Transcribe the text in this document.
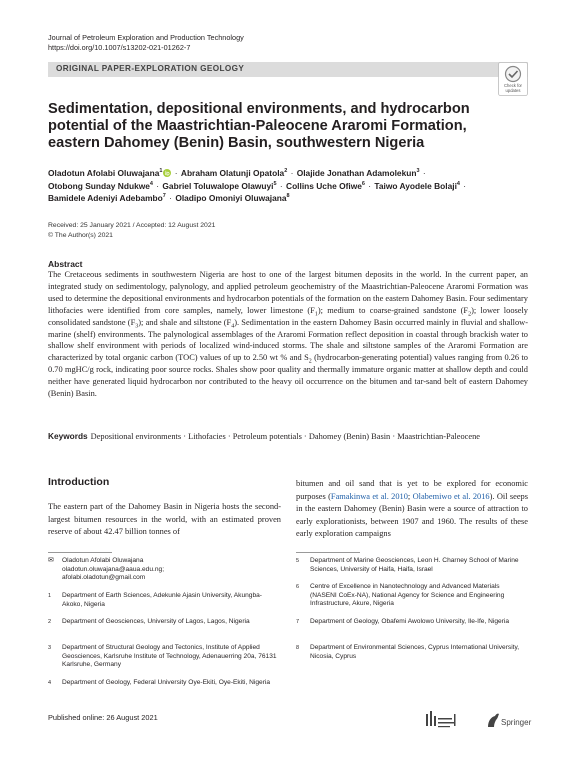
Journal of Petroleum Exploration and Production Technology
https://doi.org/10.1007/s13202-021-01262-7
ORIGINAL PAPER-EXPLORATION GEOLOGY
Check for
updates
Sedimentation, depositional environments, and hydrocarbon potential of the Maastrichtian-Paleocene Araromi Formation, eastern Dahomey (Benin) Basin, southwestern Nigeria
Oladotun Afolabi Oluwajana$^1$ · Abraham Olatunji Opatola$^2$ · Olajide Jonathan Adamolekun$^3$ ·
Otobong Sunday Ndukwe$^4$ · Gabriel Toluwalope Olawuyi$^5$ · Collins Uche Ofiwe$^6$ · Taiwo Ayodele Bolaji$^4$ ·
Bamidele Adeniyi Adebambo$^7$ · Oladipo Omoniyi Oluwajana$^8$
Received: 25 January 2021 / Accepted: 12 August 2021
© The Author(s) 2021
Abstract
The Cretaceous sediments in southwestern Nigeria are host to one of the largest bitumen deposits in the world. In the current paper, an integrated study on sedimentology, palynology, and applied petroleum geochemistry of the Maastrichtian-Paleocene Araromi Formation was used to determine the depositional environments and hydrocarbon potentials of the formation on the eastern Dahomey Basin. Four sedimentary lithofacies were identified from core samples, namely, lower limestone $(F_1)$; medium to coarse-grained sandstone $(F_2)$; lower loosely consolidated sandstone $(F_3)$; and shale and siltstone $(F_4)$. Sedimentation in the eastern Dahomey Basin occurred mainly in fluvial and shallow-marine (shelf) environments. The palynological assemblages of the Araromi Formation reflect deposition in coastal through brackish water to shallow shelf environment with periods of localized wind-induced storms. The shale and siltstone samples of the Araromi Formation are characterized by total organic carbon (TOC) values of up to 2.50 wt % and $S_2$ (hydrocarbon-generating potential) values ranging from 0.26 to 0.70 mgHC/g rock, indicating poor source rocks. Shales show poor quality and thermally immature organic matter at shallow depth and could neither have generated liquid hydrocarbon nor contributed to the heavy oil occurrence on the bitumen and tar-sand belt of eastern Dahomey (Benin) Basin.
Keywords Depositional environments · Lithofacies · Petroleum potentials · Dahomey (Benin) Basin · Maastrichtian-Paleocene
Introduction
The eastern part of the Dahomey Basin in Nigeria hosts the second-largest bitumen resources in the world, with an estimated proven reserve of about 42.47 billion tonnes of
bitumen and oil sand that is yet to be explored for economic purposes (Famakinwa et al. 2010; Olabemiwo et al. 2016). Oil seeps in the eastern Dahomey (Benin) Basin were a source of attraction to early explorationists, between 1907 and 1960. The results of these early exploration campaigns
✉ Oladotun Afolabi Oluwajana
oladotun.oluwajana@aaua.edu.ng;
afolabi.oladotun@gmail.com
1 Department of Earth Sciences, Adekunle Ajasin University, Akungba-Akoko, Nigeria
2 Department of Geosciences, University of Lagos, Lagos, Nigeria
3 Department of Structural Geology and Tectonics, Institute of Applied Geosciences, Karlsruhe Institute of Technology, Adenauerring 20a, 76131 Karlsruhe, Germany
4 Department of Geology, Federal University Oye-Ekiti, Oye-Ekiti, Nigeria
5 Department of Marine Geosciences, Leon H. Charney School of Marine Sciences, University of Haifa, Haifa, Israel
6 Centre of Excellence in Nanotechnology and Advanced Materials (NASENI CoEx-NA), National Agency for Science and Engineering Infrastructure, Akure, Nigeria
7 Department of Geology, Obafemi Awolowo University, Ile-Ife, Nigeria
8 Department of Environmental Sciences, Cyprus International University, Nicosia, Cyprus
Published online: 26 August 2021
Springer
